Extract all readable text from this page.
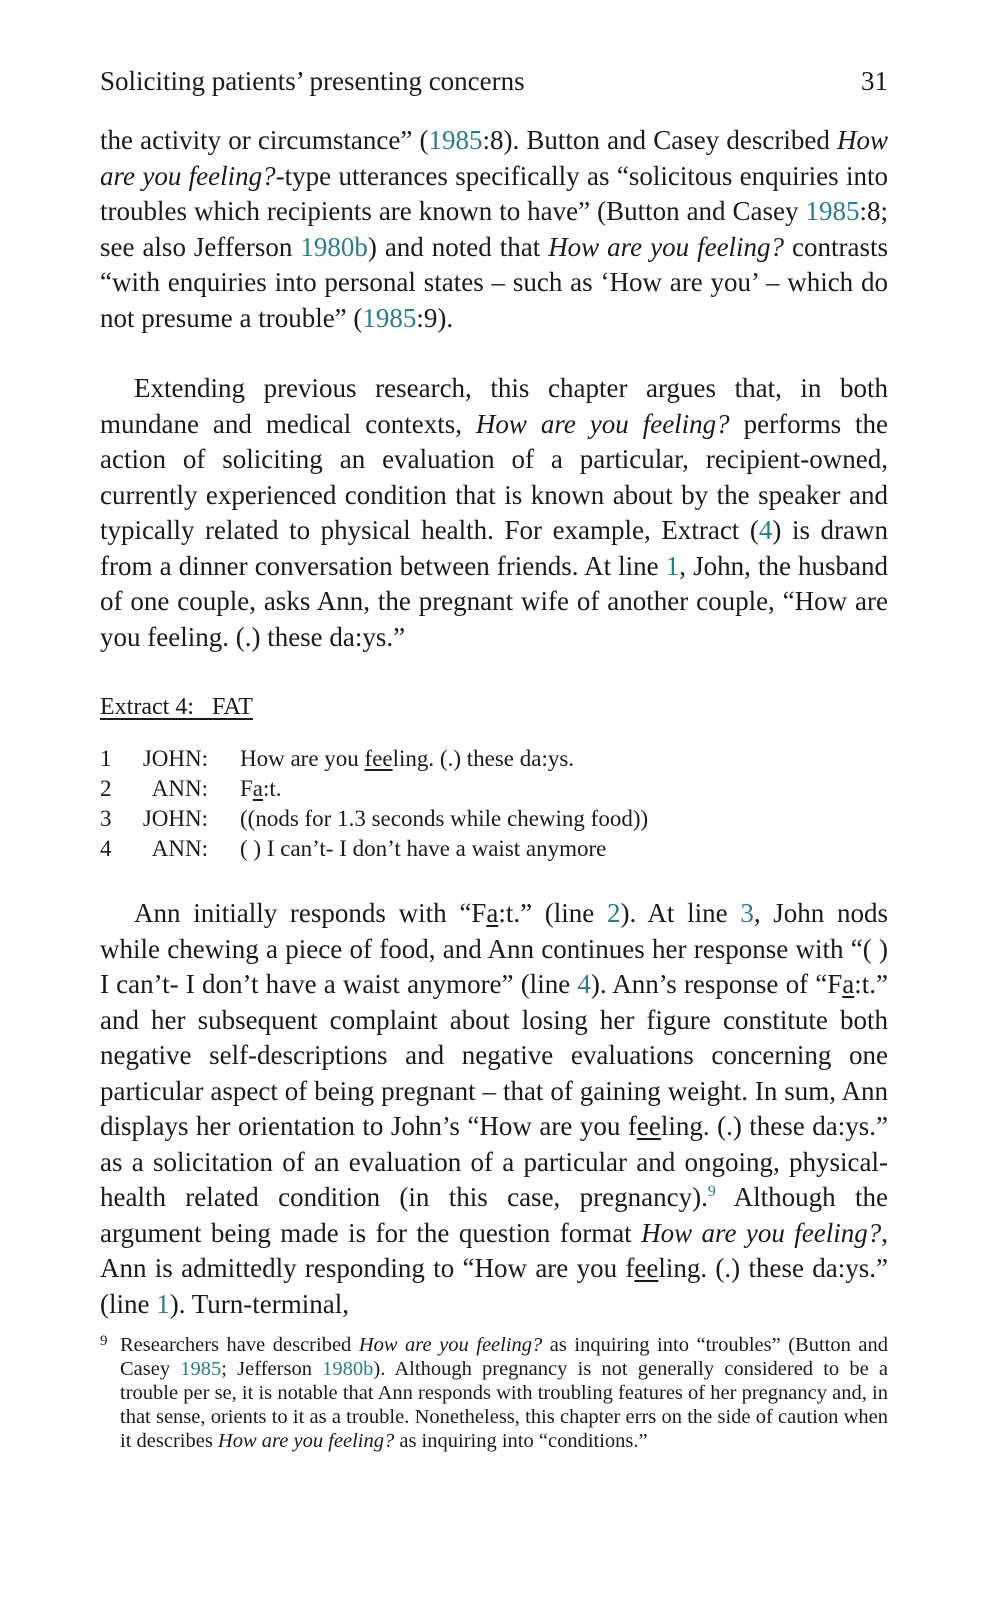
Soliciting patients’ presenting concerns	31

the activity or circumstance” (1985:8). Button and Casey described How are you feeling?-type utterances specifically as “solicitous enquiries into troubles which recipients are known to have” (Button and Casey 1985:8; see also Jefferson 1980b) and noted that How are you feeling? contrasts “with enquiries into personal states – such as ‘How are you’ – which do not presume a trouble” (1985:9).

Extending previous research, this chapter argues that, in both mundane and medical contexts, How are you feeling? performs the action of soliciting an evaluation of a particular, recipient-owned, currently experienced condition that is known about by the speaker and typically related to physical health. For example, Extract (4) is drawn from a dinner conversation between friends. At line 1, John, the husband of one couple, asks Ann, the pregnant wife of another couple, “How are you feeling. (.) these da:ys.”

Extract 4: FAT
1	JOHN: How are you feeling. (.) these da:ys.
2	ANN: Fa:t.
3	JOHN: ((nods for 1.3 seconds while chewing food))
4	ANN: ( ) I can’t- I don’t have a waist anymore

Ann initially responds with “Fa:t.” (line 2). At line 3, John nods while chewing a piece of food, and Ann continues her response with “( ) I can’t- I don’t have a waist anymore” (line 4). Ann’s response of “Fa:t.” and her subsequent complaint about losing her figure constitute both negative self-descriptions and negative evaluations concerning one particular aspect of being pregnant – that of gaining weight. In sum, Ann displays her orientation to John’s “How are you feeling. (.) these da:ys.” as a solicitation of an evaluation of a particular and ongoing, physical-health related condition (in this case, pregnancy).$^9$ Although the argument being made is for the question format How are you feeling?, Ann is admittedly responding to “How are you feeling. (.) these da:ys.” (line 1). Turn-terminal,

9 Researchers have described How are you feeling? as inquiring into “troubles” (Button and Casey 1985; Jefferson 1980b). Although pregnancy is not generally considered to be a trouble per se, it is notable that Ann responds with troubling features of her pregnancy and, in that sense, orients to it as a trouble. Nonetheless, this chapter errs on the side of caution when it describes How are you feeling? as inquiring into “conditions.”
